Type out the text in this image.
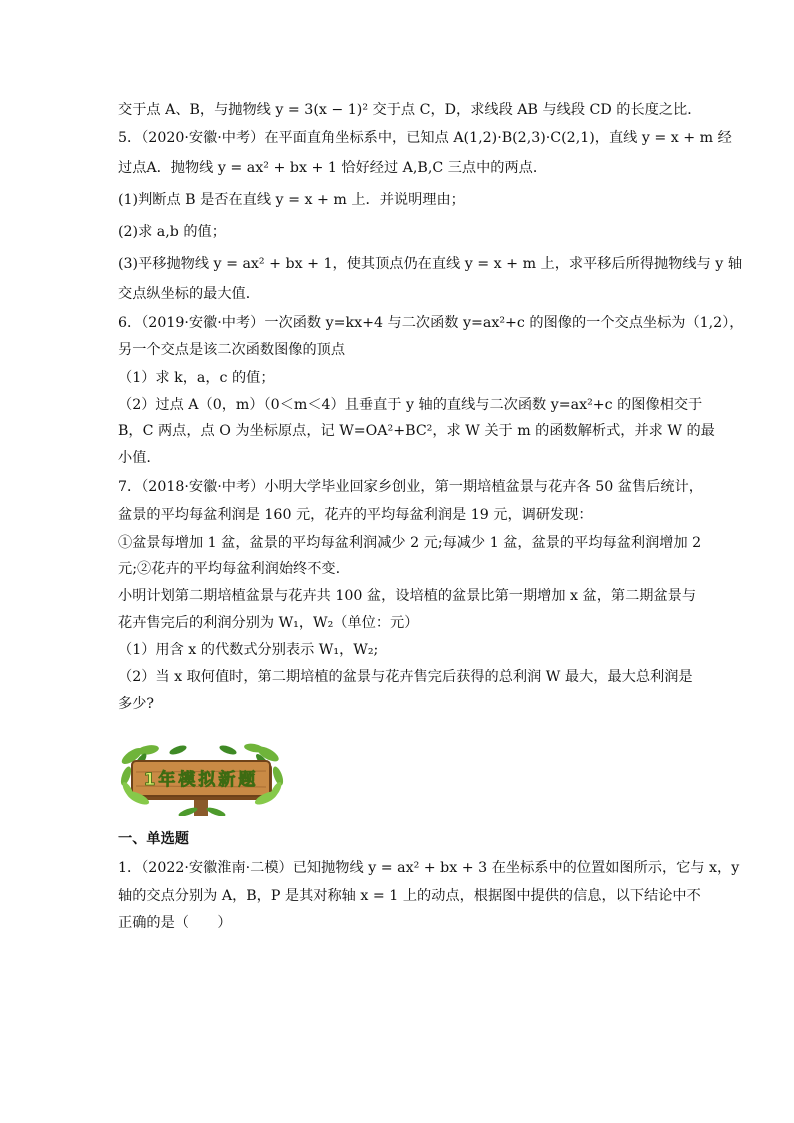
交于点 A、B，与抛物线 y = 3(x − 1)² 交于点 C，D，求线段 AB 与线段 CD 的长度之比．
5．（2020·安徽·中考）在平面直角坐标系中，已知点 A(1,2)·B(2,3)·C(2,1)，直线 y = x + m 经
过点A．抛物线 y = ax² + bx + 1 恰好经过 A,B,C 三点中的两点．
(1)判断点 B 是否在直线 y = x + m 上．并说明理由；
(2)求 a,b 的值；
(3)平移抛物线 y = ax² + bx + 1，使其顶点仍在直线 y = x + m 上，求平移后所得抛物线与 y 轴
交点纵坐标的最大值．
6．（2019·安徽·中考）一次函数 y=kx+4 与二次函数 y=ax²+c 的图像的一个交点坐标为（1,2），
另一个交点是该二次函数图像的顶点
（1）求 k，a，c 的值；
（2）过点 A（0，m）（0＜m＜4）且垂直于 y 轴的直线与二次函数 y=ax²+c 的图像相交于
B，C 两点，点 O 为坐标原点，记 W=OA²+BC²，求 W 关于 m 的函数解析式，并求 W 的最
小值.
7．（2018·安徽·中考）小明大学毕业回家乡创业，第一期培植盆景与花卉各 50 盆售后统计，
盆景的平均每盆利润是 160 元，花卉的平均每盆利润是 19 元，调研发现：
①盆景每增加 1 盆，盆景的平均每盆利润减少 2 元;每减少 1 盆，盆景的平均每盆利润增加 2
元;②花卉的平均每盆利润始终不变.
小明计划第二期培植盆景与花卉共 100 盆，设培植的盆景比第一期增加 x 盆，第二期盆景与
花卉售完后的利润分别为 W₁，W₂（单位：元）
（1）用含 x 的代数式分别表示 W₁，W₂;
（2）当 x 取何值时，第二期培植的盆景与花卉售完后获得的总利润 W 最大，最大总利润是
多少?
1年模拟新题
一、单选题
1．（2022·安徽淮南·二模）已知抛物线 y = ax² + bx + 3 在坐标系中的位置如图所示，它与 x，y
轴的交点分别为 A，B，P 是其对称轴 x = 1 上的动点，根据图中提供的信息，以下结论中不
正确的是（　　）
